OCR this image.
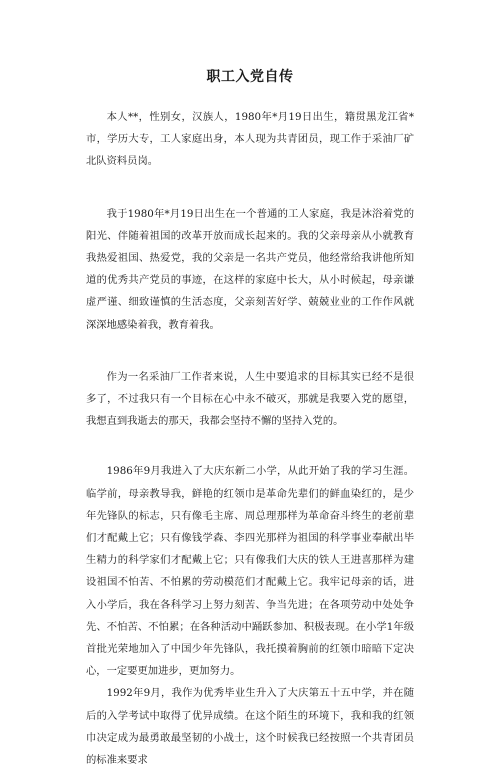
职工入党自传

本人**，性别女，汉族人，1980年*月19日出生，籍贯黑龙江省*市，学历大专，工人家庭出身，本人现为共青团员，现工作于采油厂矿北队资料员岗。

我于1980年*月19日出生在一个普通的工人家庭，我是沐浴着党的阳光、伴随着祖国的改革开放而成长起来的。我的父亲母亲从小就教育我热爱祖国、热爱党，我的父亲是一名共产党员，他经常给我讲他所知道的优秀共产党员的事迹，在这样的家庭中长大，从小时候起，母亲谦虚严谨、细致谨慎的生活态度，父亲刻苦好学、兢兢业业的工作作风就深深地感染着我，教育着我。

作为一名采油厂工作者来说，人生中要追求的目标其实已经不是很多了，不过我只有一个目标在心中永不破灭，那就是我要入党的愿望，我想直到我逝去的那天，我都会坚持不懈的坚持入党的。

1986年9月我进入了大庆东新二小学，从此开始了我的学习生涯。临学前，母亲教导我，鲜艳的红领巾是革命先辈们的鲜血染红的，是少年先锋队的标志，只有像毛主席、周总理那样为革命奋斗终生的老前辈们才配戴上它；只有像钱学森、李四光那样为祖国的科学事业奉献出毕生精力的科学家们才配戴上它；只有像我们大庆的铁人王进喜那样为建设祖国不怕苦、不怕累的劳动模范们才配戴上它。我牢记母亲的话，进入小学后，我在各科学习上努力刻苦、争当先进；在各项劳动中处处争先、不怕苦、不怕累；在各种活动中踊跃参加、积极表现。在小学1年级首批光荣地加入了中国少年先锋队，我托摸着胸前的红领巾暗暗下定决心，一定要更加进步，更加努力。

1992年9月，我作为优秀毕业生升入了大庆第五十五中学，并在随后的入学考试中取得了优异成绩。在这个陌生的环境下，我和我的红领巾决定成为最勇敢最坚韧的小战士，这个时候我已经按照一个共青团员的标准来要求
